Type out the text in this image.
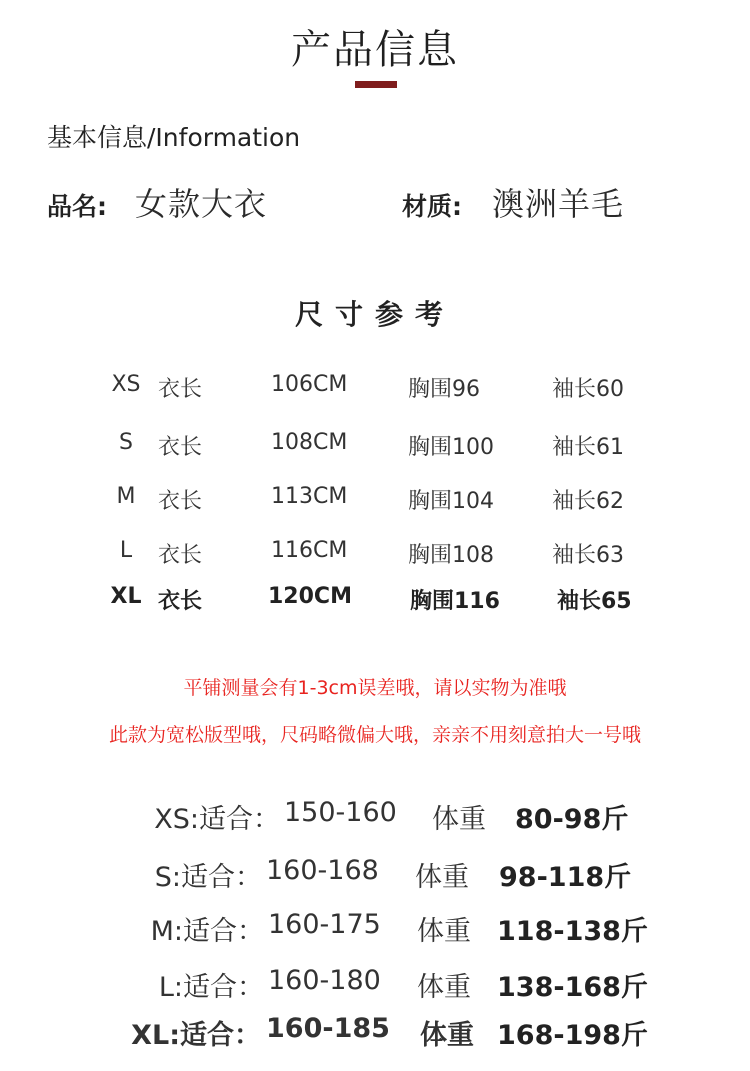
产品信息
基本信息/Information
品名: 女款大衣	材质: 澳洲羊毛
尺寸参考
XS 衣长	106CM	胸围96	袖长60
S	衣长	108CM	胸围100	袖长61
M	衣长	113CM	胸围104	袖长62
L	衣长	116CM	胸围108	袖长63
XL 衣长	120CM	胸围116	袖长65
平铺测量会有1-3cm误差哦，请以实物为准哦
此款为宽松版型哦，尺码略微偏大哦，亲亲不用刻意拍大一号哦
XS:适合： 150-160 体重 80-98斤
S:适合： 160-168 体重 98-118斤
M:适合： 160-175 体重 118-138斤
L:适合： 160-180 体重 138-168斤
XL:适合： 160-185 体重 168-198斤
